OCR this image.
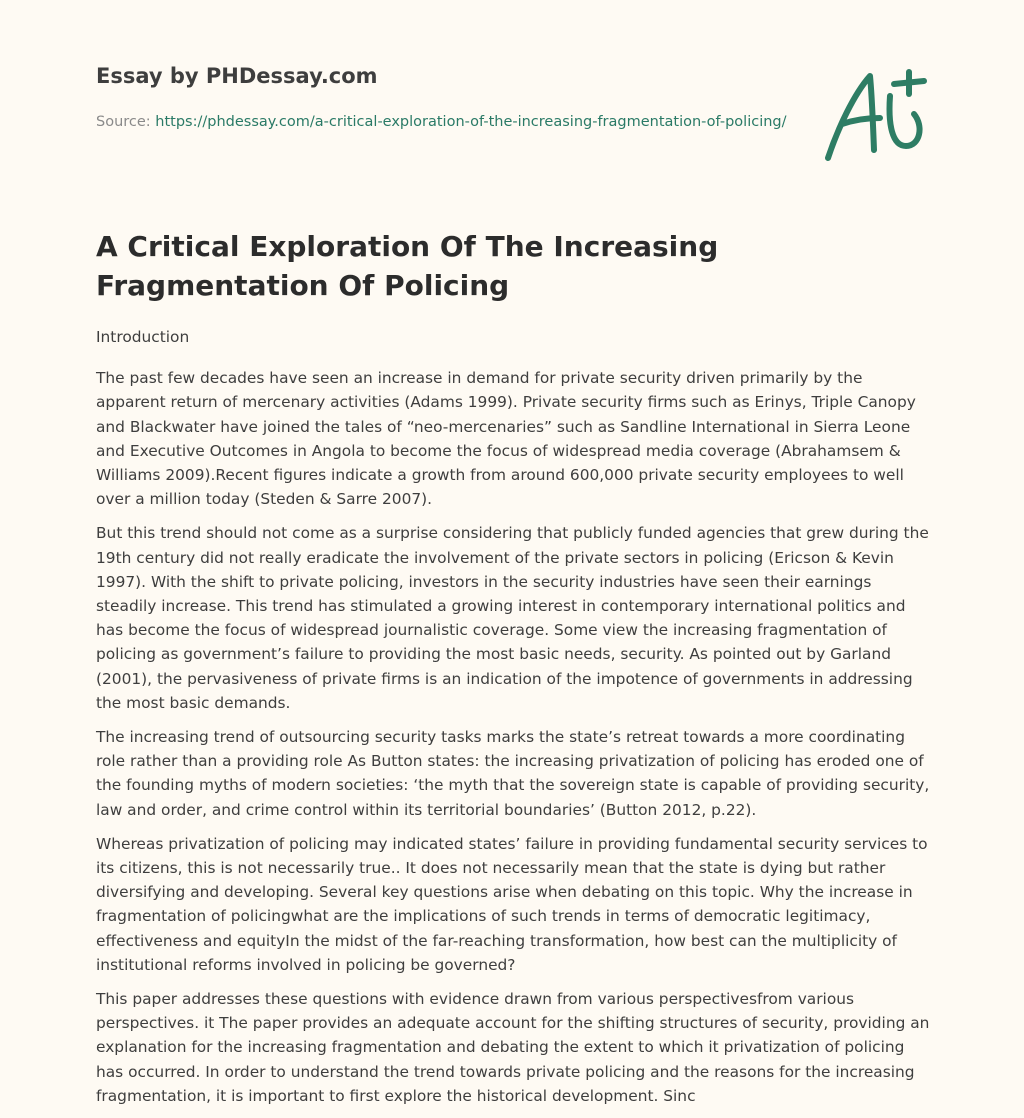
Essay by PHDessay.com

Source: https://phdessay.com/a-critical-exploration-of-the-increasing-fragmentation-of-policing/

A Critical Exploration Of The Increasing Fragmentation Of Policing

Introduction

The past few decades have seen an increase in demand for private security driven primarily by the apparent return of mercenary activities (Adams 1999). Private security firms such as Erinys, Triple Canopy and Blackwater have joined the tales of “neo-mercenaries” such as Sandline International in Sierra Leone and Executive Outcomes in Angola to become the focus of widespread media coverage (Abrahamsem & Williams 2009).Recent figures indicate a growth from around 600,000 private security employees to well over a million today (Steden & Sarre 2007).

But this trend should not come as a surprise considering that publicly funded agencies that grew during the 19th century did not really eradicate the involvement of the private sectors in policing (Ericson & Kevin 1997). With the shift to private policing, investors in the security industries have seen their earnings steadily increase. This trend has stimulated a growing interest in contemporary international politics and has become the focus of widespread journalistic coverage. Some view the increasing fragmentation of policing as government’s failure to providing the most basic needs, security. As pointed out by Garland (2001), the pervasiveness of private firms is an indication of the impotence of governments in addressing the most basic demands.

The increasing trend of outsourcing security tasks marks the state’s retreat towards a more coordinating role rather than a providing role As Button states: the increasing privatization of policing has eroded one of the founding myths of modern societies: ‘the myth that the sovereign state is capable of providing security, law and order, and crime control within its territorial boundaries’ (Button 2012, p.22).

Whereas privatization of policing may indicated states’ failure in providing fundamental security services to its citizens, this is not necessarily true.. It does not necessarily mean that the state is dying but rather diversifying and developing. Several key questions arise when debating on this topic. Why the increase in fragmentation of policingwhat are the implications of such trends in terms of democratic legitimacy, effectiveness and equityIn the midst of the far-reaching transformation, how best can the multiplicity of institutional reforms involved in policing be governed?

This paper addresses these questions with evidence drawn from various perspectivesfrom various perspectives. it The paper provides an adequate account for the shifting structures of security, providing an explanation for the increasing fragmentation and debating the extent to which it privatization of policing has occurred. In order to understand the trend towards private policing and the reasons for the increasing fragmentation, it is important to first explore the historical development. Sinc
